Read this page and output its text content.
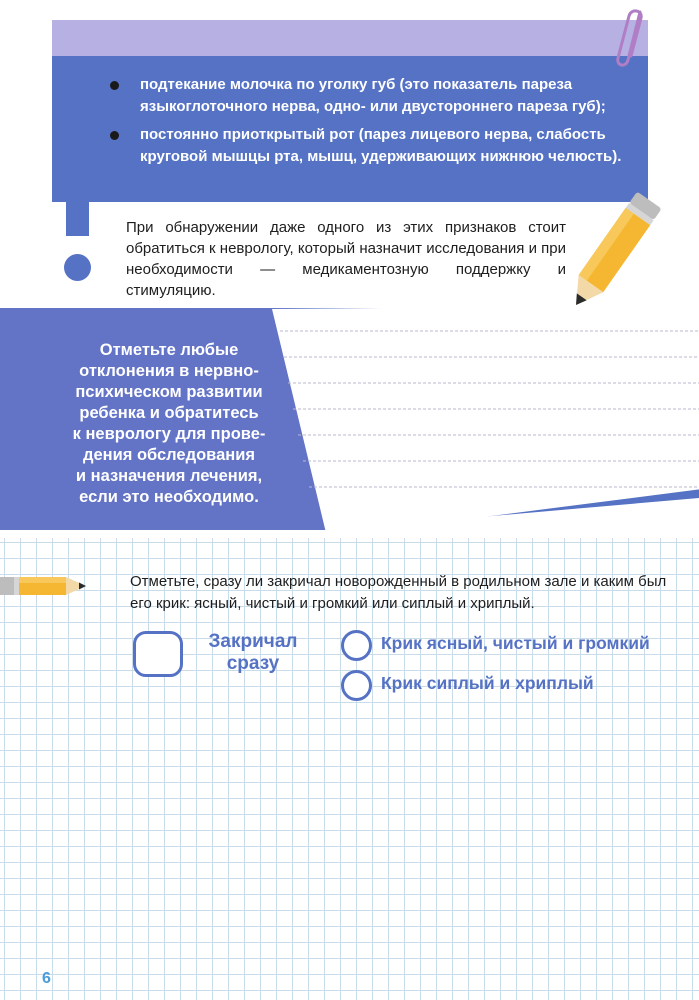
подтекание молочка по уголку губ (это показатель пареза языкоглоточного нерва, одно- или двустороннего пареза губ);
постоянно приоткрытый рот (парез лицевого нерва, слабость круговой мышцы рта, мышц, удерживающих нижнюю челюсть).
При обнаружении даже одного из этих признаков стоит обратиться к неврологу, который назначит исследования и при необходимости — медикаментозную поддержку и стимуляцию.
Отметьте любые
отклонения в нервно-
психическом развитии
ребенка и обратитесь
к неврологу для прове-
дения обследования
и назначения лечения,
если это необходимо.
Отметьте, сразу ли закричал новорожденный в родильном зале и каким был его крик: ясный, чистый и громкий или сиплый и хриплый.
Закричал
сразу
Крик ясный, чистый и громкий
Крик сиплый и хриплый
6
